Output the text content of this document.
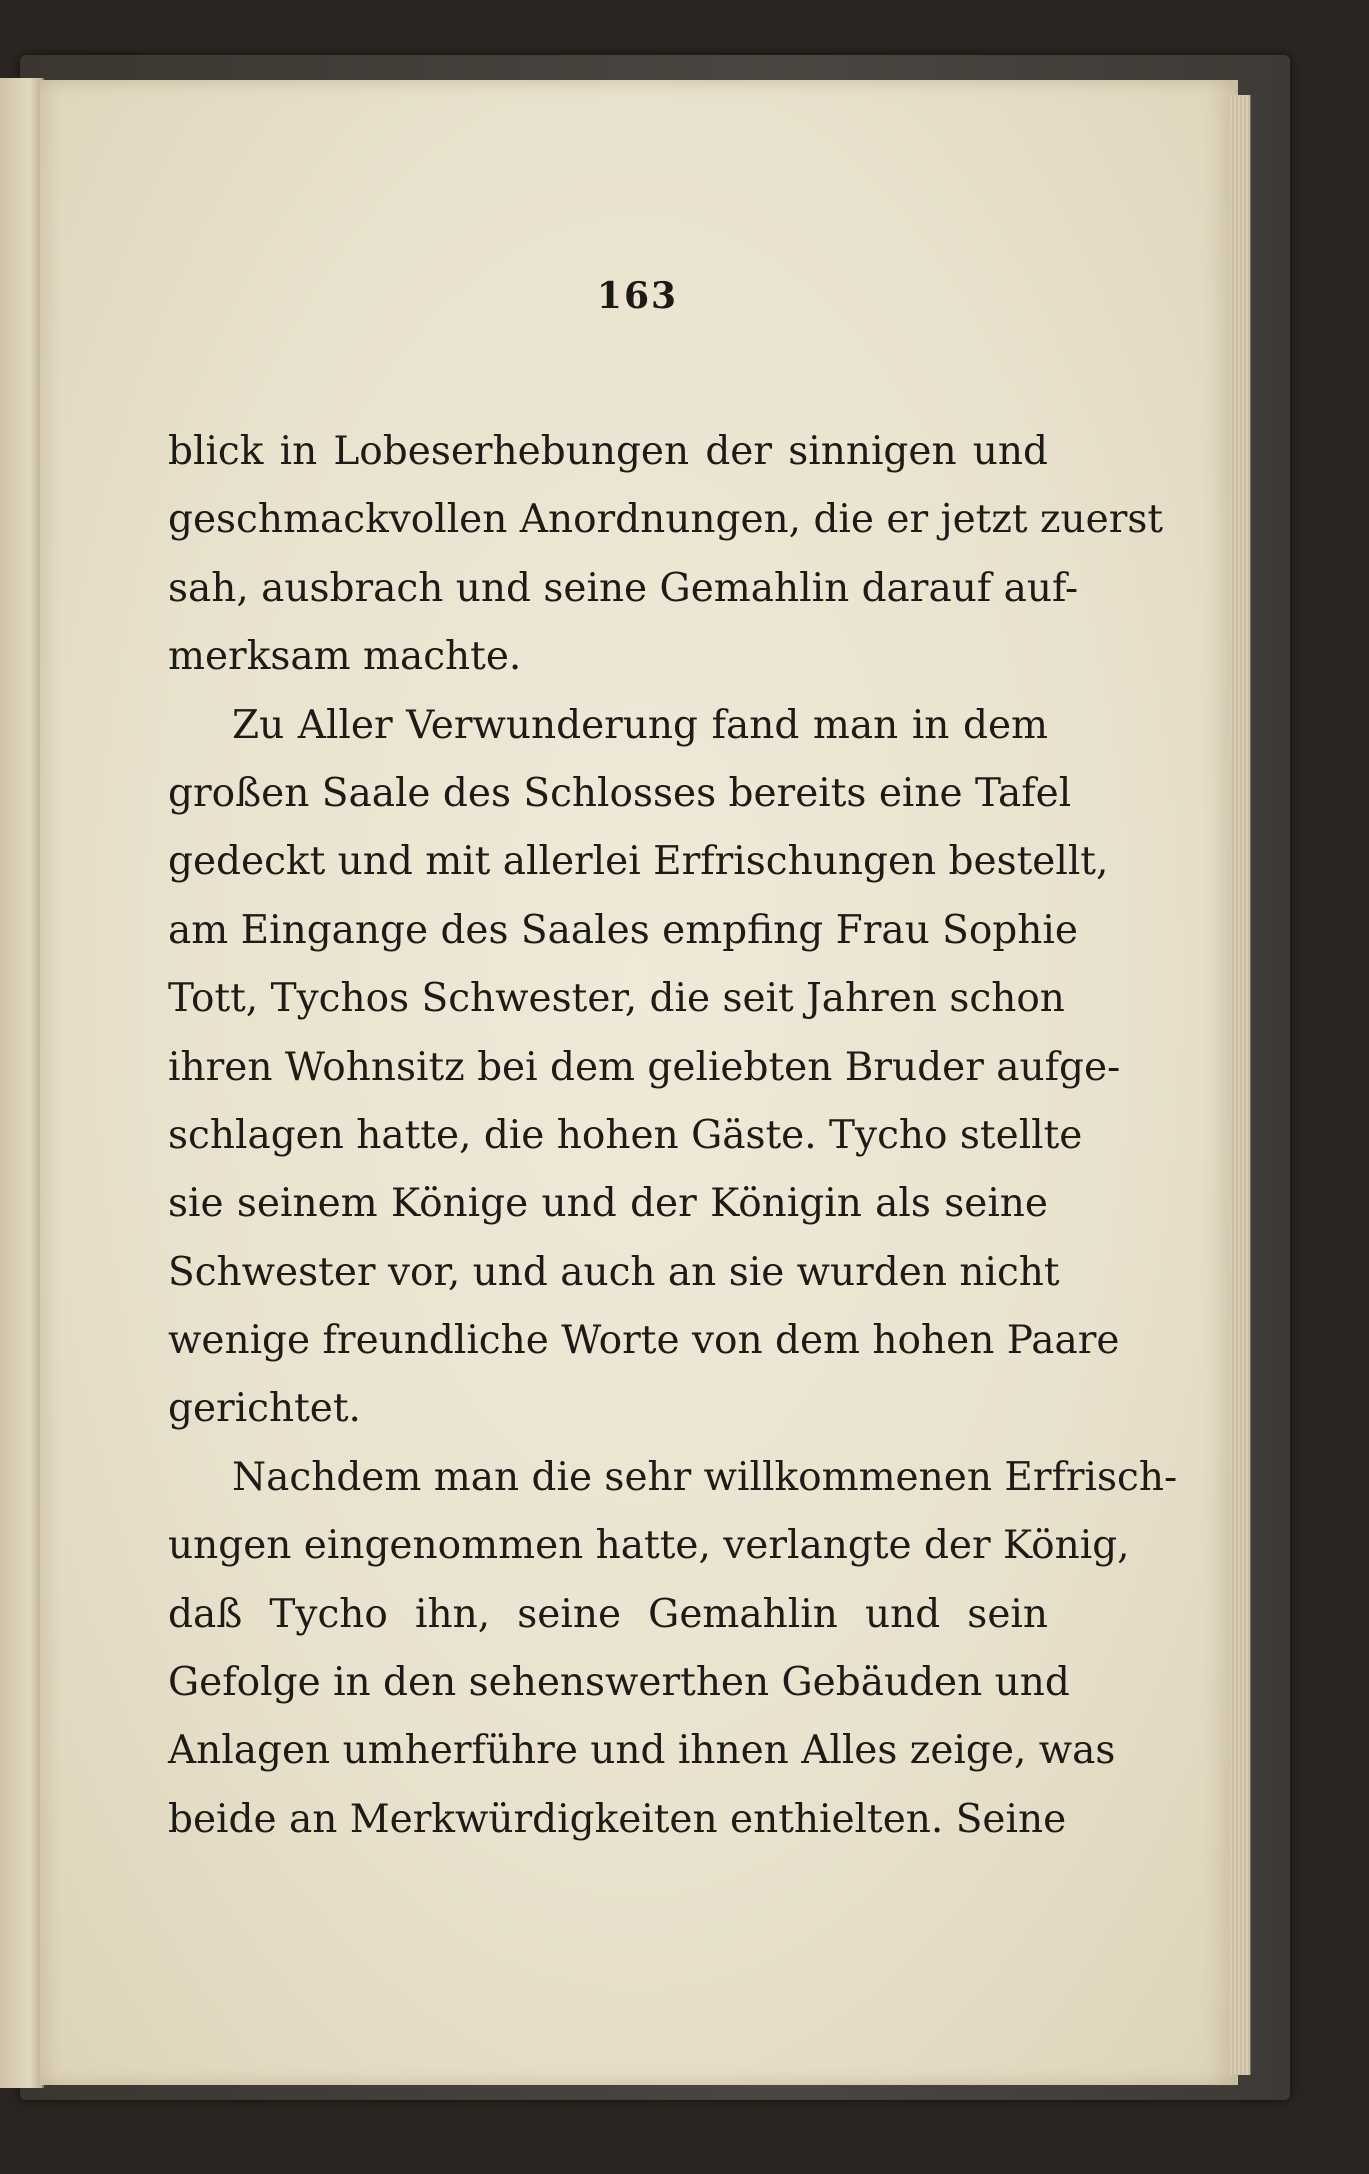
163
blick in Lobeserhebungen der sinnigen und
geschmackvollen Anordnungen, die er jetzt zuerst
sah, ausbrach und seine Gemahlin darauf auf-
merksam machte.
Zu Aller Verwunderung fand man in dem
großen Saale des Schlosses bereits eine Tafel
gedeckt und mit allerlei Erfrischungen bestellt,
am Eingange des Saales empfing Frau Sophie
Tott, Tychos Schwester, die seit Jahren schon
ihren Wohnsitz bei dem geliebten Bruder aufge-
schlagen hatte, die hohen Gäste. Tycho stellte
sie seinem Könige und der Königin als seine
Schwester vor, und auch an sie wurden nicht
wenige freundliche Worte von dem hohen Paare
gerichtet.
Nachdem man die sehr willkommenen Erfrisch-
ungen eingenommen hatte, verlangte der König,
daß Tycho ihn, seine Gemahlin und sein
Gefolge in den sehenswerthen Gebäuden und
Anlagen umherführe und ihnen Alles zeige, was
beide an Merkwürdigkeiten enthielten. Seine
